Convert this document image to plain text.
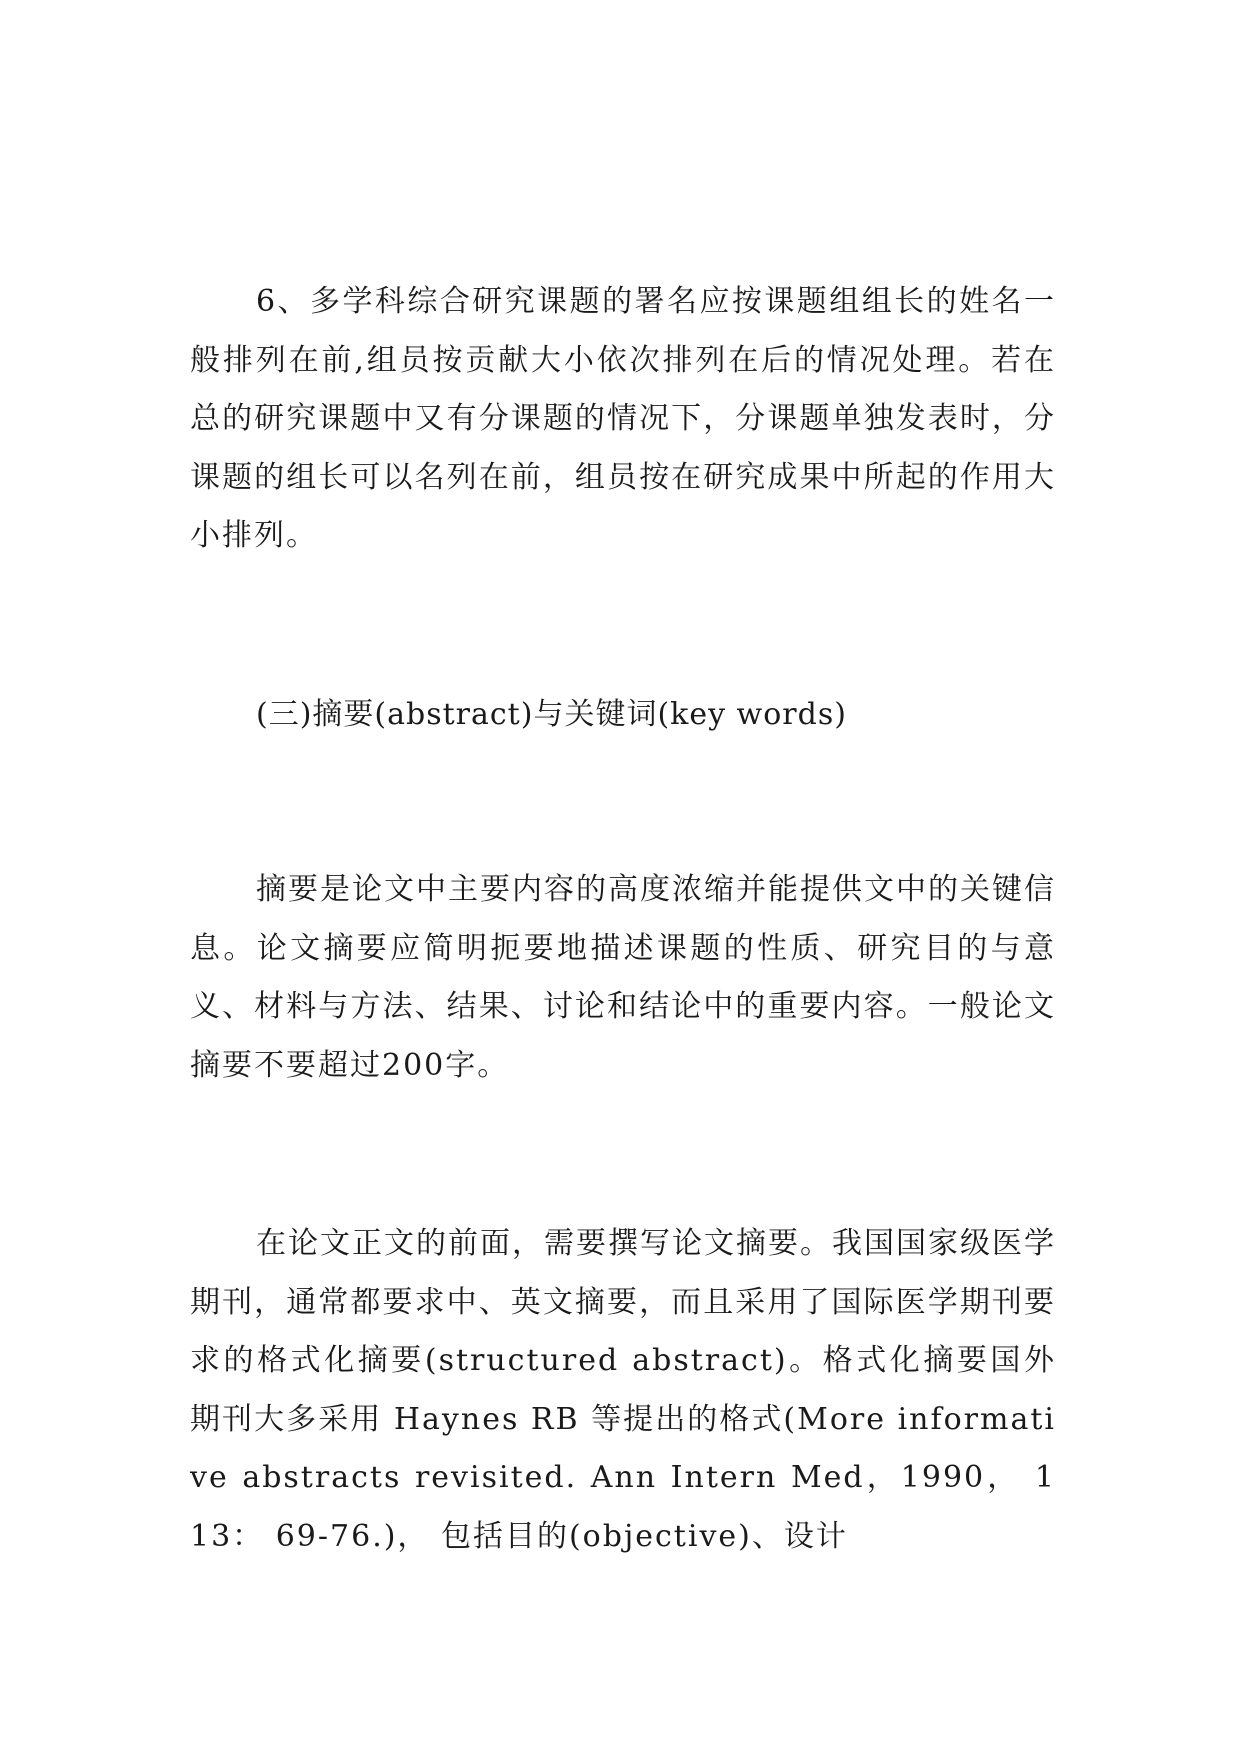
6、多学科综合研究课题的署名应按课题组组长的姓名一般排列在前,组员按贡献大小依次排列在后的情况处理。若在总的研究课题中又有分课题的情况下，分课题单独发表时，分课题的组长可以名列在前，组员按在研究成果中所起的作用大小排列。

(三)摘要(abstract)与关键词(key words)

摘要是论文中主要内容的高度浓缩并能提供文中的关键信息。论文摘要应简明扼要地描述课题的性质、研究目的与意义、材料与方法、结果、讨论和结论中的重要内容。一般论文摘要不要超过200字。

在论文正文的前面，需要撰写论文摘要。我国国家级医学期刊，通常都要求中、英文摘要，而且采用了国际医学期刊要求的格式化摘要(structured abstract)。格式化摘要国外期刊大多采用 Haynes RB 等提出的格式(More informative abstracts revisited. Ann Intern Med，1990， 113： 69-76.)， 包括目的(objective)、设计
